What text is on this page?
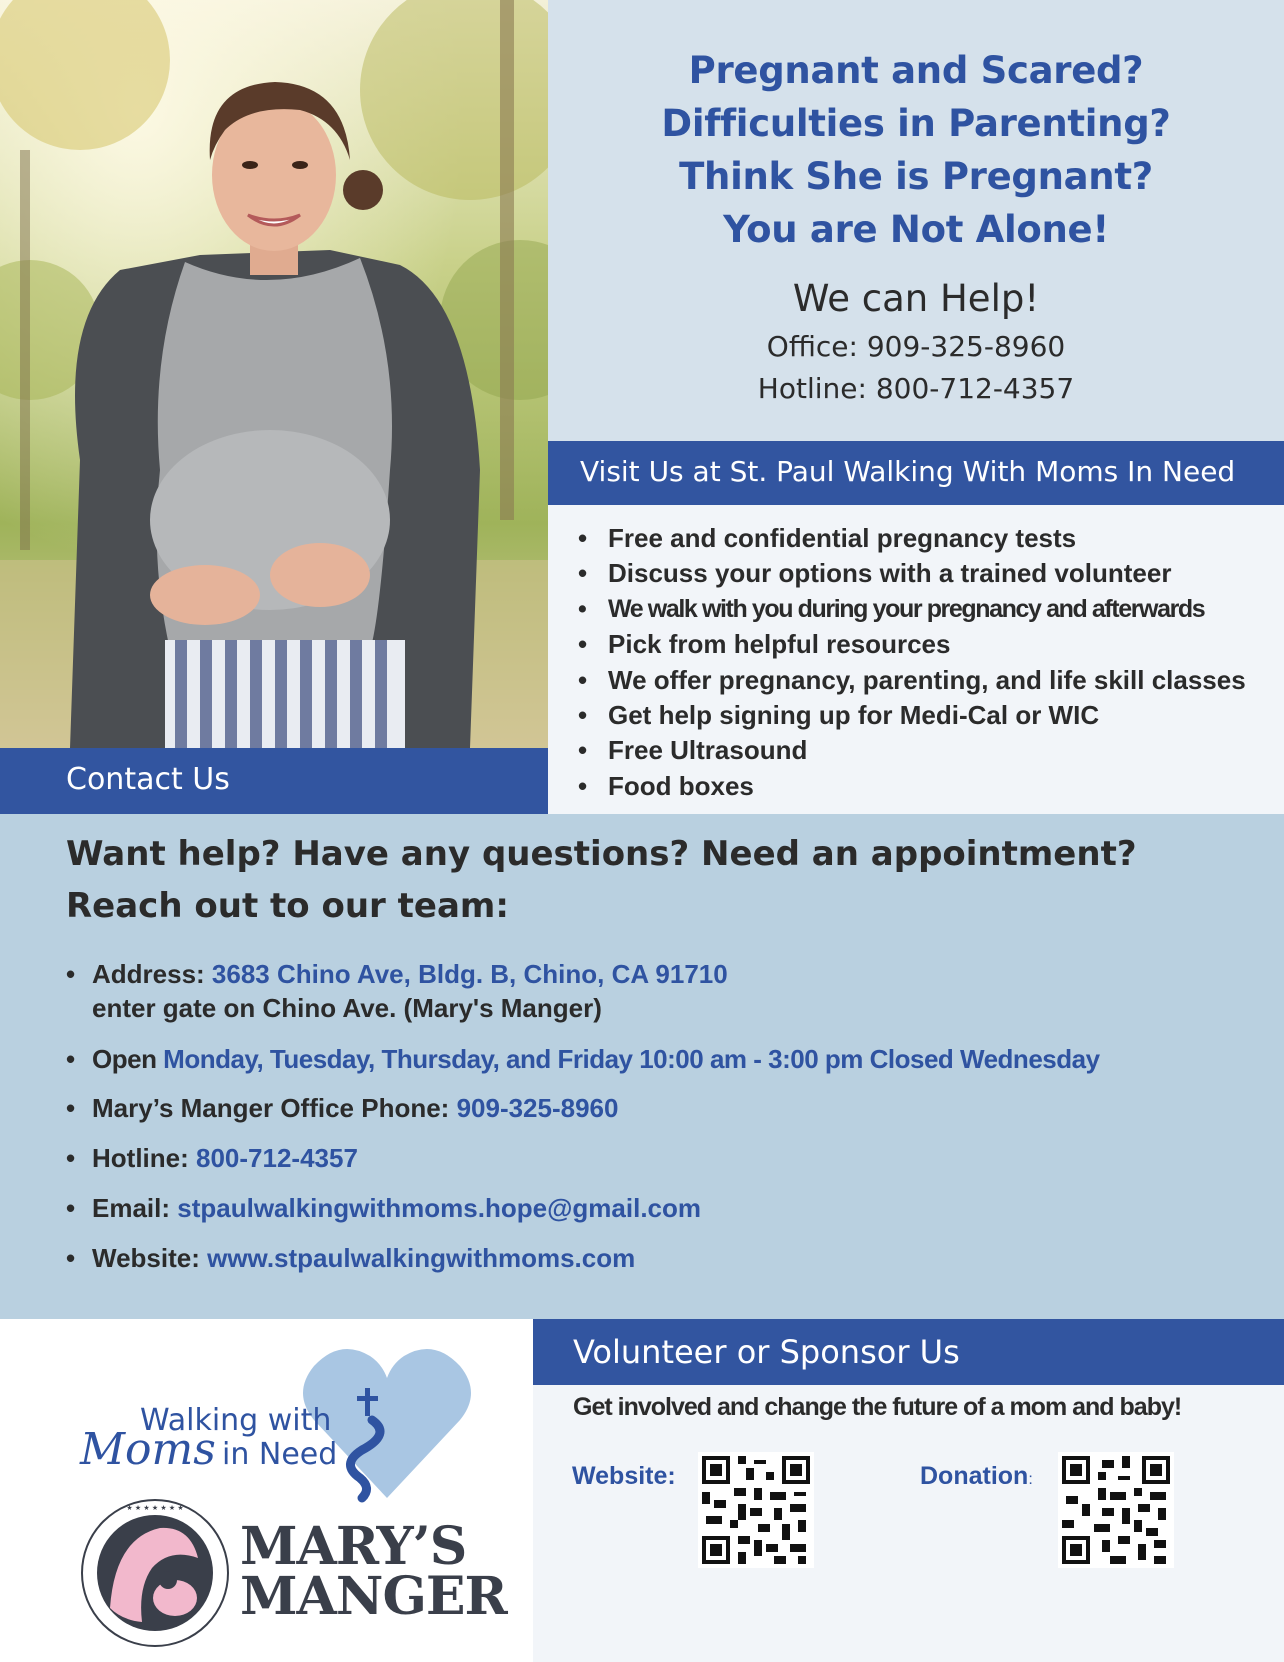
Pregnant and Scared?
Difficulties in Parenting?
Think She is Pregnant?
You are Not Alone!
We can Help!
Office: 909-325-8960
Hotline: 800-712-4357
Visit Us at St. Paul Walking With Moms In Need
• Free and confidential pregnancy tests
• Discuss your options with a trained volunteer
• We walk with you during your pregnancy and afterwards
• Pick from helpful resources
• We offer pregnancy, parenting, and life skill classes
• Get help signing up for Medi-Cal or WIC
• Free Ultrasound
• Food boxes
Contact Us
Want help? Have any questions? Need an appointment?
Reach out to our team:
• Address: 3683 Chino Ave, Bldg. B, Chino, CA 91710
enter gate on Chino Ave. (Mary's Manger)
• Open Monday, Tuesday, Thursday, and Friday 10:00 am - 3:00 pm Closed Wednesday
• Mary’s Manger Office Phone: 909-325-8960
• Hotline: 800-712-4357
• Email: stpaulwalkingwithmoms.hope@gmail.com
• Website: www.stpaulwalkingwithmoms.com
Walking with
Moms in Need
★ ★ ★ ★ ★ ★ ★
MARY’S
MANGER
Volunteer or Sponsor Us
Get involved and change the future of a mom and baby!
Website:	Donation:
